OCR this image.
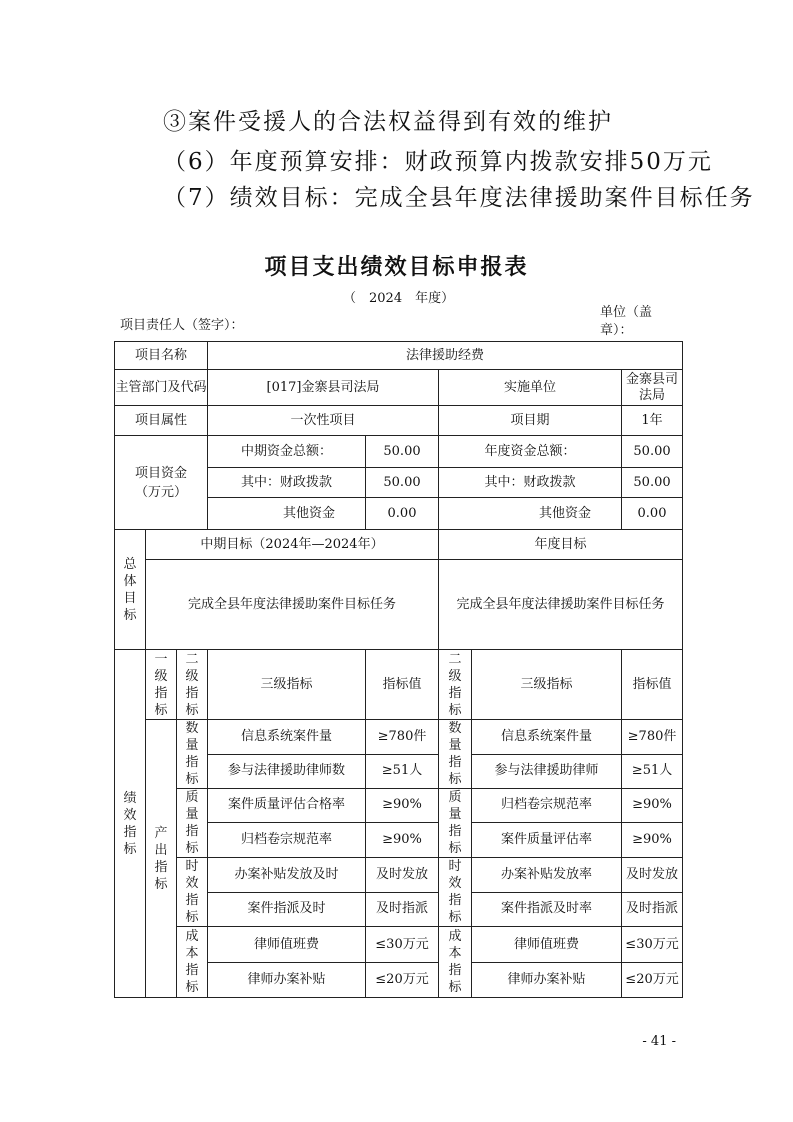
③案件受援人的合法权益得到有效的维护
（6）年度预算安排：财政预算内拨款安排50万元
（7）绩效目标：完成全县年度法律援助案件目标任务
项目支出绩效目标申报表
（　2024　年度）
项目责任人（签字）：
单位（盖章）：
项目名称			法律援助经费				
主管部门及代码			[017]金寨县司法局		实施单位		金寨县司法局
项目属性			一次性项目		项目期		1年

项目资金（万元）			中期资金总额：	50.00	年度资金总额：		50.00
			其中：财政拨款	50.00	其中：财政拨款		50.00
			其他资金	0.00	其他资金		0.00

总体目标	中期目标（2024年—2024年）				年度目标		
	完成全县年度法律援助案件目标任务				完成全县年度法律援助案件目标任务		

绩效指标	一级指标	二级指标	三级指标	指标值	二级指标	三级指标	指标值

	产出指标	数量指标	信息系统案件量	≥780件	数量指标	信息系统案件量	≥780件
			参与法律援助律师数	≥51人		参与法律援助律师	≥51人

		质量指标	案件质量评估合格率	≥90%	质量指标	归档卷宗规范率	≥90%
			归档卷宗规范率	≥90%		案件质量评估率	≥90%

		时效指标	办案补贴发放及时	及时发放	时效指标	办案补贴发放率	及时发放
			案件指派及时	及时指派		案件指派及时率	及时指派

		成本指标	律师值班费	≤30万元	成本指标	律师值班费	≤30万元
			律师办案补贴	≤20万元		律师办案补贴	≤20万元
- 41 -
